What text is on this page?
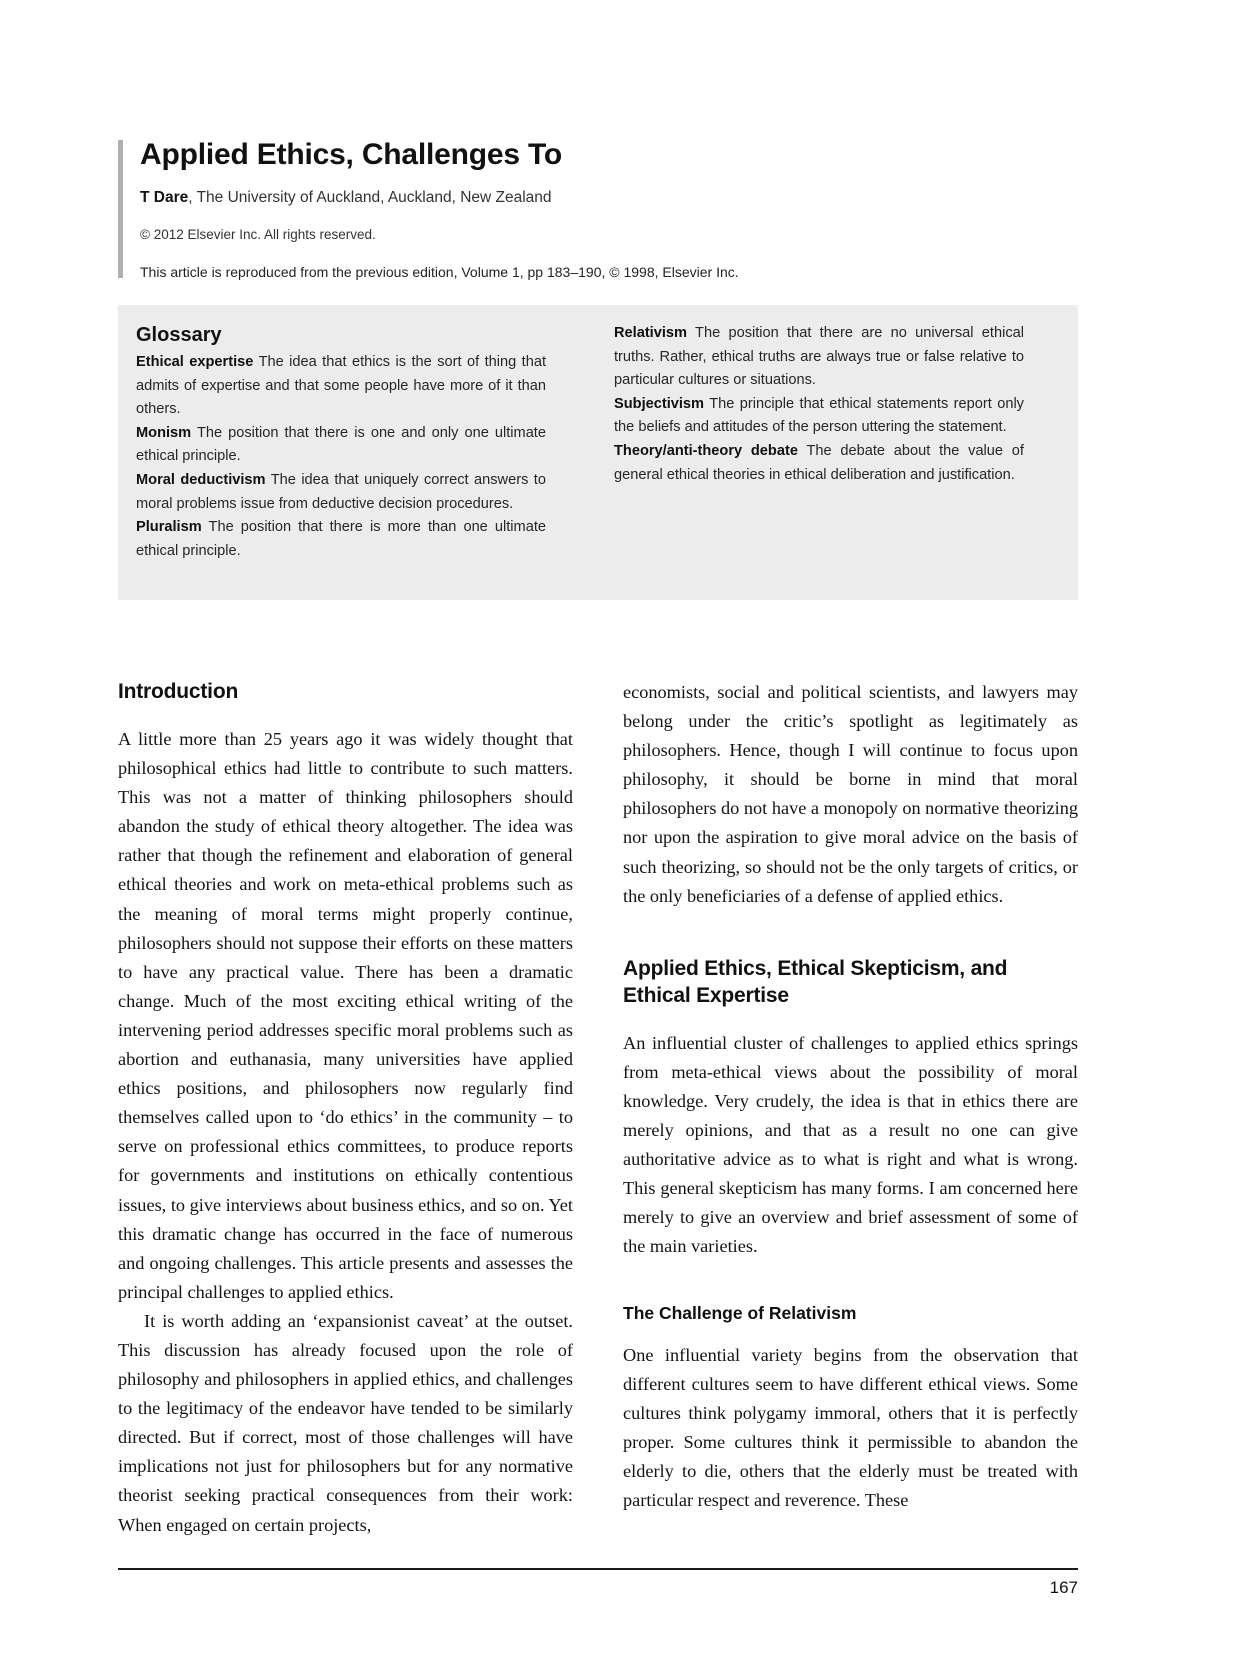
Applied Ethics, Challenges To

T Dare, The University of Auckland, Auckland, New Zealand

© 2012 Elsevier Inc. All rights reserved.

This article is reproduced from the previous edition, Volume 1, pp 183–190, © 1998, Elsevier Inc.

Glossary

Ethical expertise The idea that ethics is the sort of thing that admits of expertise and that some people have more of it than others.

Monism The position that there is one and only one ultimate ethical principle.

Moral deductivism The idea that uniquely correct answers to moral problems issue from deductive decision procedures.

Pluralism The position that there is more than one ultimate ethical principle.

Relativism The position that there are no universal ethical truths. Rather, ethical truths are always true or false relative to particular cultures or situations.

Subjectivism The principle that ethical statements report only the beliefs and attitudes of the person uttering the statement.

Theory/anti-theory debate The debate about the value of general ethical theories in ethical deliberation and justification.

Introduction

A little more than 25 years ago it was widely thought that philosophical ethics had little to contribute to such matters. This was not a matter of thinking philosophers should abandon the study of ethical theory altogether. The idea was rather that though the refinement and elaboration of general ethical theories and work on meta-ethical problems such as the meaning of moral terms might properly continue, philosophers should not suppose their efforts on these matters to have any practical value. There has been a dramatic change. Much of the most exciting ethical writing of the intervening period addresses specific moral problems such as abortion and euthanasia, many universities have applied ethics positions, and philosophers now regularly find themselves called upon to ‘do ethics’ in the community – to serve on professional ethics committees, to produce reports for governments and institutions on ethically contentious issues, to give interviews about business ethics, and so on. Yet this dramatic change has occurred in the face of numerous and ongoing challenges. This article presents and assesses the principal challenges to applied ethics.

It is worth adding an ‘expansionist caveat’ at the outset. This discussion has already focused upon the role of philosophy and philosophers in applied ethics, and challenges to the legitimacy of the endeavor have tended to be similarly directed. But if correct, most of those challenges will have implications not just for philosophers but for any normative theorist seeking practical consequences from their work: When engaged on certain projects,

economists, social and political scientists, and lawyers may belong under the critic’s spotlight as legitimately as philosophers. Hence, though I will continue to focus upon philosophy, it should be borne in mind that moral philosophers do not have a monopoly on normative theorizing nor upon the aspiration to give moral advice on the basis of such theorizing, so should not be the only targets of critics, or the only beneficiaries of a defense of applied ethics.

Applied Ethics, Ethical Skepticism, and Ethical Expertise

An influential cluster of challenges to applied ethics springs from meta-ethical views about the possibility of moral knowledge. Very crudely, the idea is that in ethics there are merely opinions, and that as a result no one can give authoritative advice as to what is right and what is wrong. This general skepticism has many forms. I am concerned here merely to give an overview and brief assessment of some of the main varieties.

The Challenge of Relativism

One influential variety begins from the observation that different cultures seem to have different ethical views. Some cultures think polygamy immoral, others that it is perfectly proper. Some cultures think it permissible to abandon the elderly to die, others that the elderly must be treated with particular respect and reverence. These

167
